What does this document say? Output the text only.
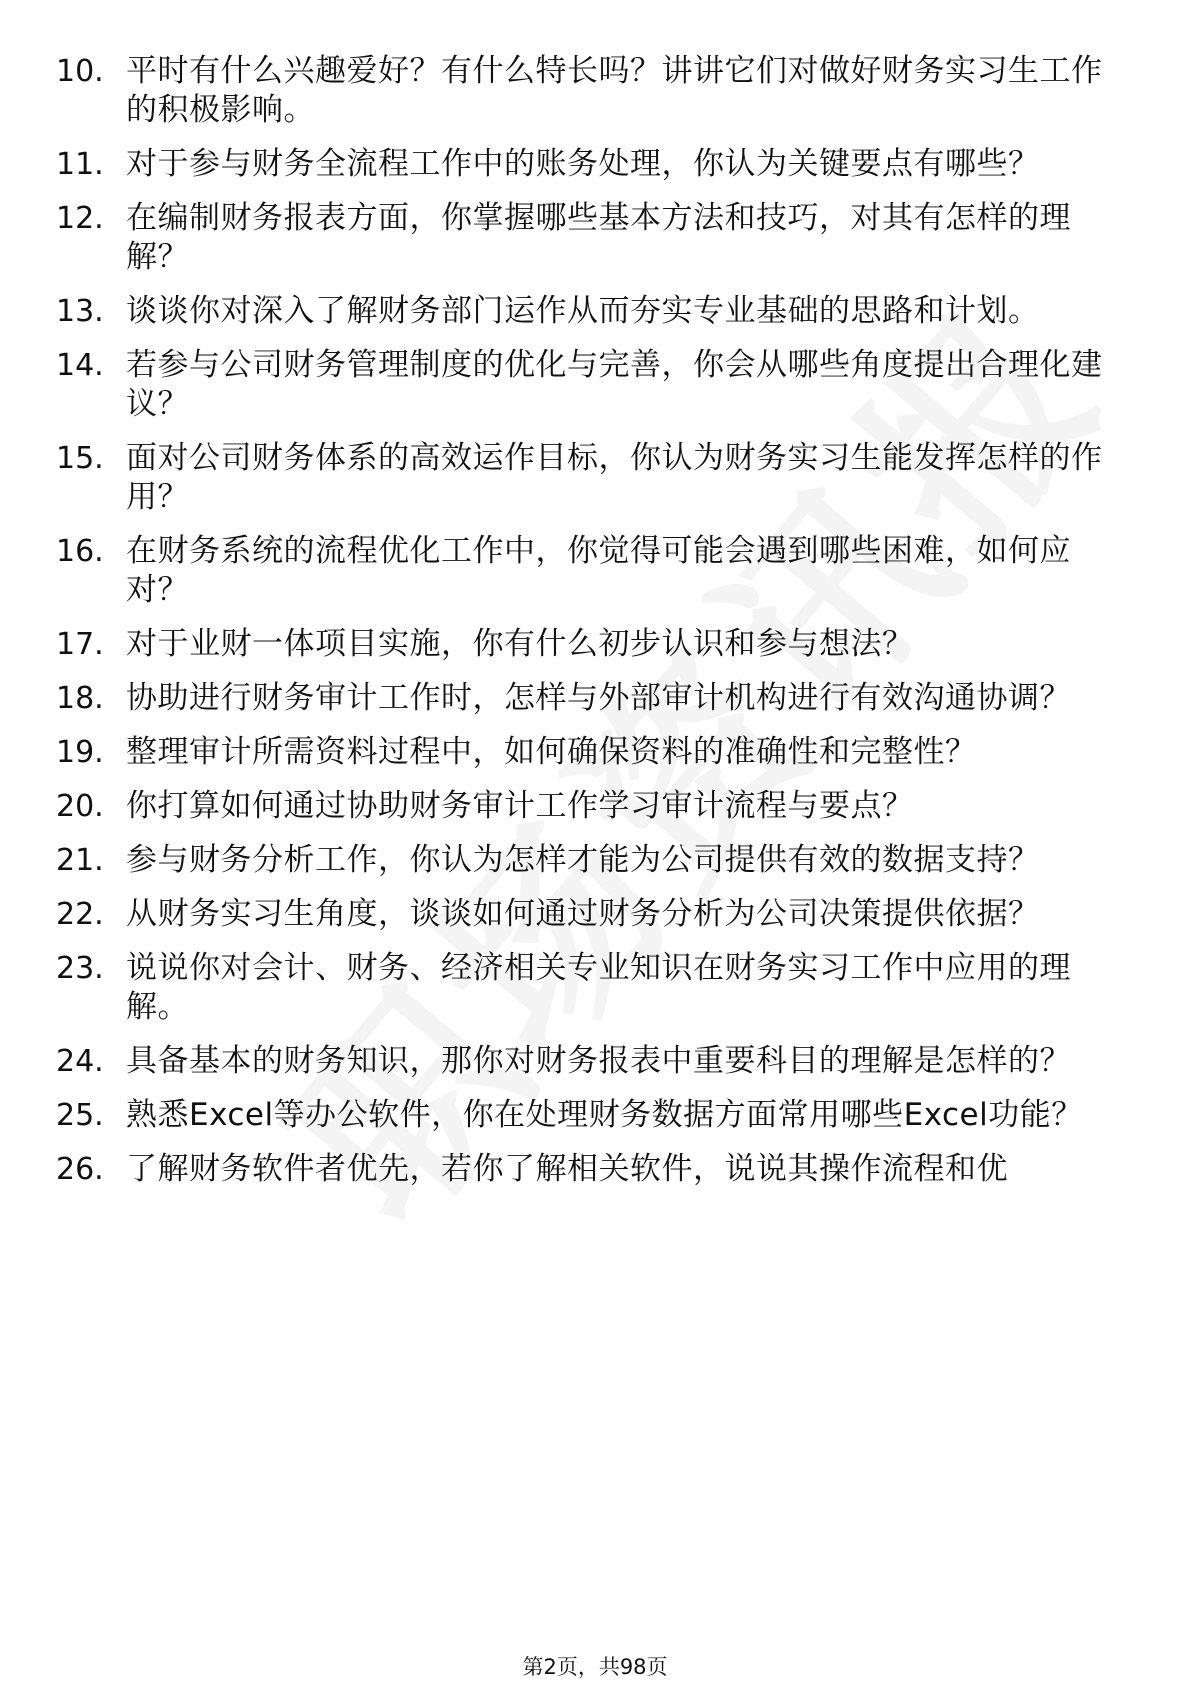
10. 平时有什么兴趣爱好？有什么特长吗？讲讲它们对做好财务实习生工作的积极影响。
11. 对于参与财务全流程工作中的账务处理，你认为关键要点有哪些？
12. 在编制财务报表方面，你掌握哪些基本方法和技巧，对其有怎样的理解？
13. 谈谈你对深入了解财务部门运作从而夯实专业基础的思路和计划。
14. 若参与公司财务管理制度的优化与完善，你会从哪些角度提出合理化建议？
15. 面对公司财务体系的高效运作目标，你认为财务实习生能发挥怎样的作用？
16. 在财务系统的流程优化工作中，你觉得可能会遇到哪些困难，如何应对？
17. 对于业财一体项目实施，你有什么初步认识和参与想法？
18. 协助进行财务审计工作时，怎样与外部审计机构进行有效沟通协调？
19. 整理审计所需资料过程中，如何确保资料的准确性和完整性？
20. 你打算如何通过协助财务审计工作学习审计流程与要点？
21. 参与财务分析工作，你认为怎样才能为公司提供有效的数据支持？
22. 从财务实习生角度，谈谈如何通过财务分析为公司决策提供依据？
23. 说说你对会计、财务、经济相关专业知识在财务实习工作中应用的理解。
24. 具备基本的财务知识，那你对财务报表中重要科目的理解是怎样的？
25. 熟悉Excel等办公软件，你在处理财务数据方面常用哪些Excel功能？
26. 了解财务软件者优先，若你了解相关软件，说说其操作流程和优
第2页，共98页
